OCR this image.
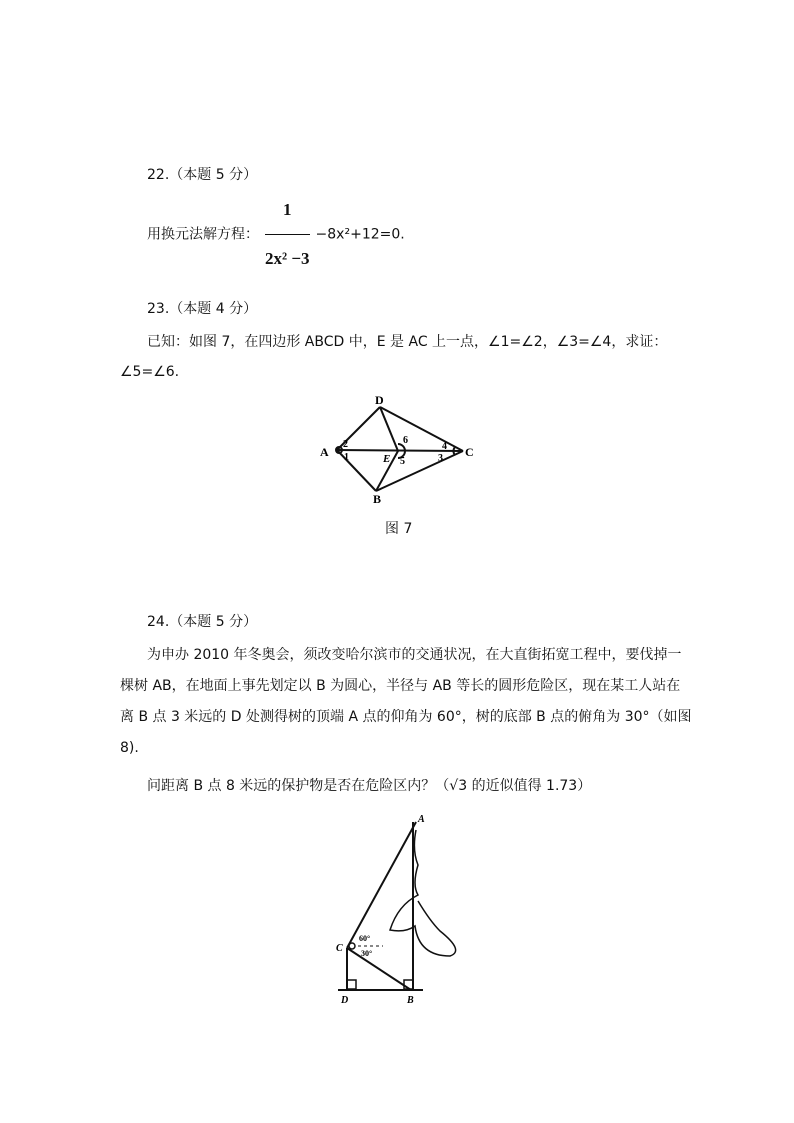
22.（本题 5 分）
用换元法解方程： $\frac{1}{\text{2x² −3}} -8x^2+12=0$.
23.（本题 4 分）
已知：如图 7，在四边形 ABCD 中，E 是 AC 上一点，∠1=∠2，∠3=∠4，求证：
∠5=∠6.
A
D
C
B
E
2
1
6
5
4
3
图 7
24.（本题 5 分）
为申办 2010 年冬奥会，须改变哈尔滨市的交通状况，在大直街拓宽工程中，要伐掉一
棵树 AB，在地面上事先划定以 B 为圆心，半径与 AB 等长的圆形危险区，现在某工人站在
离 B 点 3 米远的 D 处测得树的顶端 A 点的仰角为 60°，树的底部 B 点的俯角为 30°（如图
8).
问距离 B 点 8 米远的保护物是否在危险区内？（√3 的近似值得 1.73）
A
C
D	B
60°
30°
